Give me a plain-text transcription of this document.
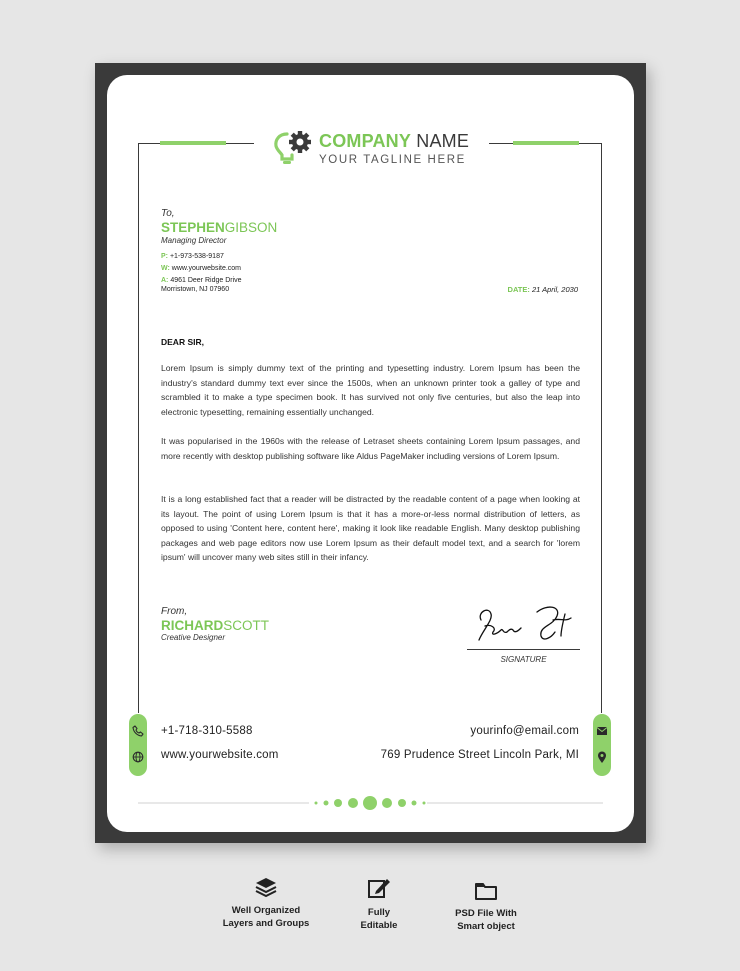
COMPANY NAME
YOUR TAGLINE HERE
To,
STEPHENGIBSON
Managing Director
P: +1-973-538-9187
W: www.yourwebsite.com
A: 4961 Deer Ridge Drive
Morristown, NJ 07960	DATE: 21 April, 2030
DEAR SIR,
Lorem Ipsum is simply dummy text of the printing and typesetting industry. Lorem Ipsum has been the industry's standard dummy text ever since the 1500s, when an unknown printer took a galley of type and scrambled it to make a type specimen book. It has survived not only five centuries, but also the leap into electronic typesetting, remaining essentially unchanged.
It was popularised in the 1960s with the release of Letraset sheets containing Lorem Ipsum passages, and more recently with desktop publishing software like Aldus PageMaker including versions of Lorem Ipsum.
It is a long established fact that a reader will be distracted by the readable content of a page when looking at its layout. The point of using Lorem Ipsum is that it has a more-or-less normal distribution of letters, as opposed to using 'Content here, content here', making it look like readable English. Many desktop publishing packages and web page editors now use Lorem Ipsum as their default model text, and a search for 'lorem ipsum' will uncover many web sites still in their infancy.
From,
RICHARDSCOTT
Creative Designer
SIGNATURE
+1-718-310-5588
www.yourwebsite.com
yourinfo@email.com
769 Prudence Street Lincoln Park, MI
Well Organized
Layers and Groups
Fully
Editable
PSD File With
Smart object
